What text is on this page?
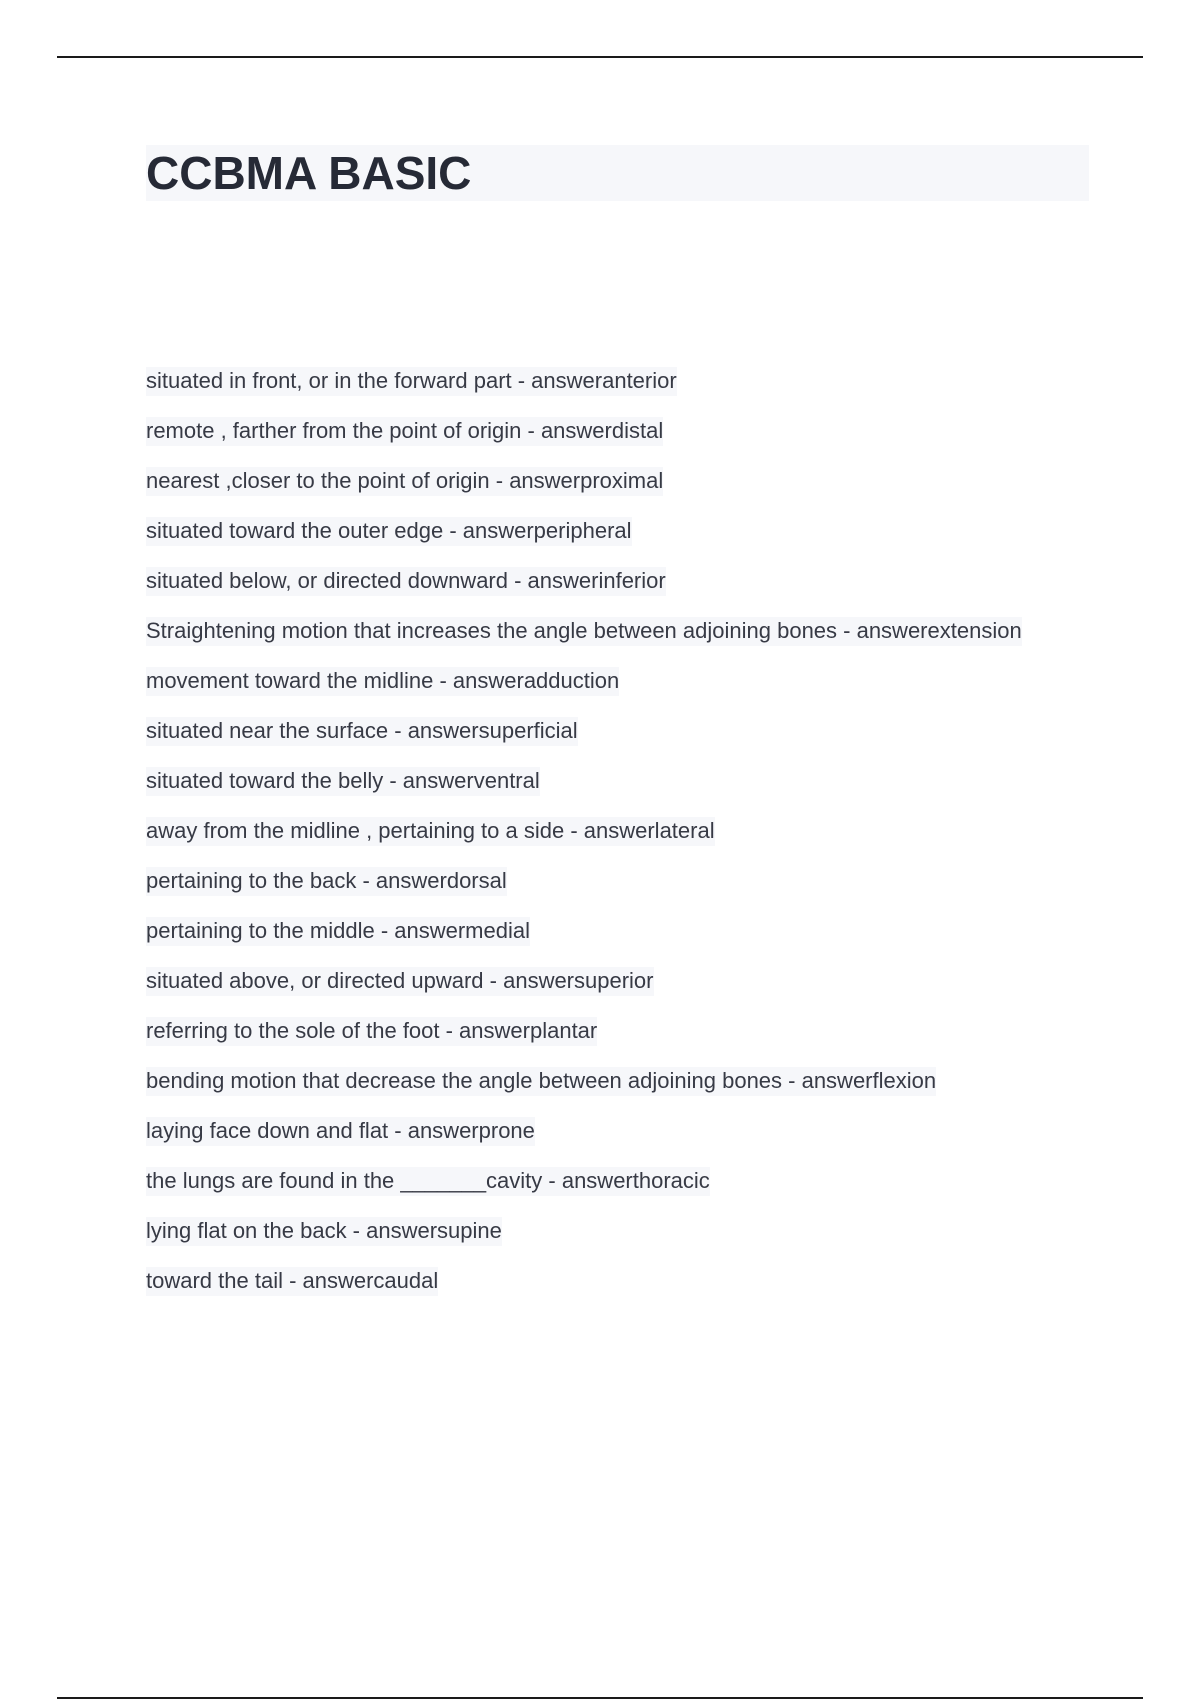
CCBMA BASIC
situated in front, or in the forward part - answeranterior
remote , farther from the point of origin - answerdistal
nearest ,closer to the point of origin - answerproximal
situated toward the outer edge - answerperipheral
situated below, or directed downward - answerinferior
Straightening motion that increases the angle between adjoining bones - answerextension
movement toward the midline - answeradduction
situated near the surface - answersuperficial
situated toward the belly - answerventral
away from the midline , pertaining to a side - answerlateral
pertaining to the back - answerdorsal
pertaining to the middle - answermedial
situated above, or directed upward - answersuperior
referring to the sole of the foot - answerplantar
bending motion that decrease the angle between adjoining bones - answerflexion
laying face down and flat - answerprone
the lungs are found in the _______cavity - answerthoracic
lying flat on the back - answersupine
toward the tail - answercaudal
